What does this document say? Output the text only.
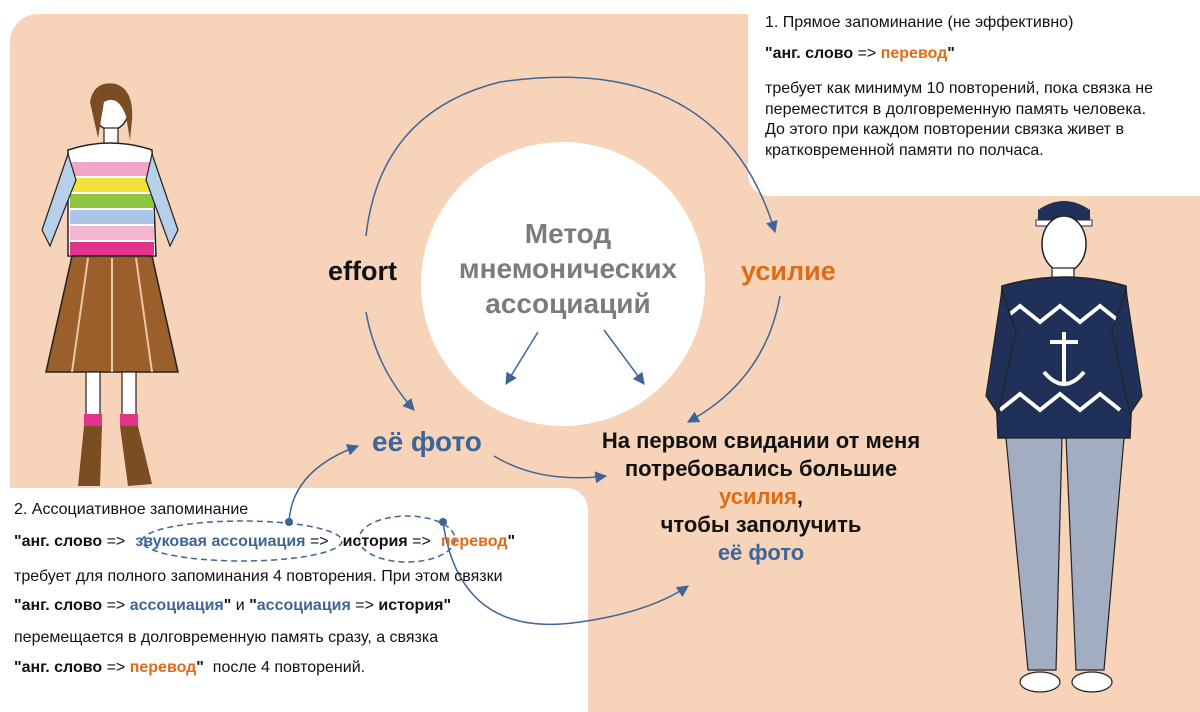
Метод
мнемонических
ассоциаций
effort	усилие
её фото	На первом свидании от меня
потребовались большие
усилия,
чтобы заполучить
её фото
1. Прямое запоминание (не эффективно)
"анг. слово => перевод"
требует как минимум 10 повторений, пока связка не переместится в долговременную память человека. До этого при каждом повторении связка живет в кратковременной памяти по полчаса.
2. Ассоциативное запоминание
"анг. слово => звуковая ассоциация => история => перевод"
требует для полного запоминания 4 повторения. При этом связки
"анг. слово => ассоциация" и "ассоциация => история"
перемещается в долговременную память сразу, а связка
"анг. слово => перевод"  после 4 повторений.
